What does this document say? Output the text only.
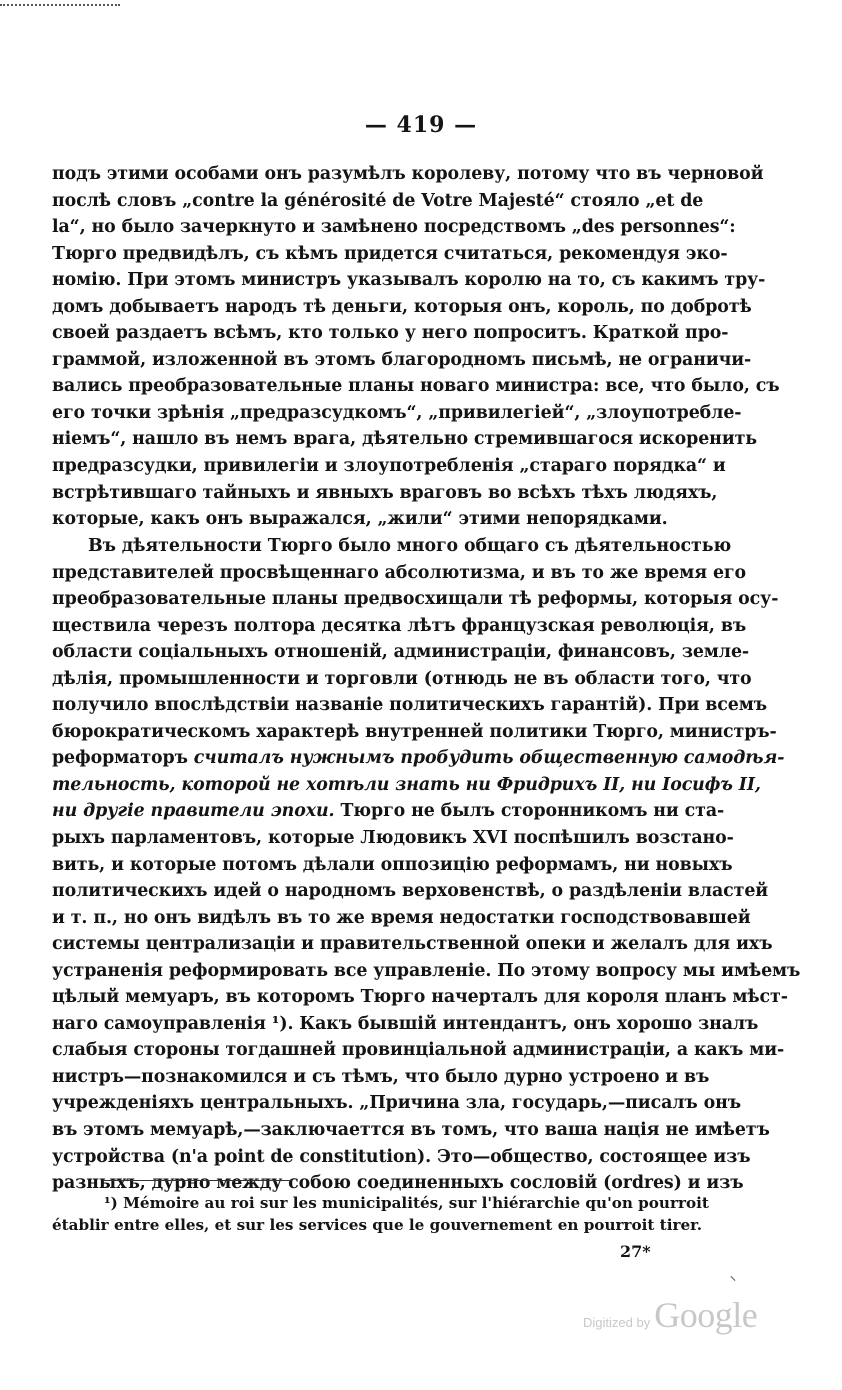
— 419 —
подъ этими особами онъ разумѣлъ королеву, потому что въ черновой
послѣ словъ „contre la générosité de Votre Majesté“ стояло „et de
la“, но было зачеркнуто и замѣнено посредствомъ „des personnes“:
Тюрго предвидѣлъ, съ кѣмъ придется считаться, рекомендуя эко-
номію. При этомъ министръ указывалъ королю на то, съ какимъ тру-
домъ добываетъ народъ тѣ деньги, которыя онъ, король, по добротѣ
своей раздаетъ всѣмъ, кто только у него попроситъ. Краткой про-
граммой, изложенной въ этомъ благородномъ письмѣ, не ограничи-
вались преобразовательные планы новаго министра: все, что было, съ
его точки зрѣнія „предразсудкомъ“, „привилегіей“, „злоупотребле-
ніемъ“, нашло въ немъ врага, дѣятельно стремившагося искоренить
предразсудки, привилегіи и злоупотребленія „стараго порядка“ и
встрѣтившаго тайныхъ и явныхъ враговъ во всѣхъ тѣхъ людяхъ,
которые, какъ онъ выражался, „жили“ этими непорядками.
Въ дѣятельности Тюрго было много общаго съ дѣятельностью
представителей просвѣщеннаго абсолютизма, и въ то же время его
преобразовательные планы предвосхищали тѣ реформы, которыя осу-
ществила черезъ полтора десятка лѣтъ французская революція, въ
области соціальныхъ отношеній, администраціи, финансовъ, земле-
дѣлія, промышленности и торговли (отнюдь не въ области того, что
получило впослѣдствіи названіе политическихъ гарантій). При всемъ
бюрократическомъ характерѣ внутренней политики Тюрго, министръ-
реформаторъ считалъ нужнымъ пробудить общественную самодѣя-
тельность, которой не хотѣли знать ни Фридрихъ II, ни Іосифъ II,
ни другіе правители эпохи. Тюрго не былъ сторонникомъ ни ста-
рыхъ парламентовъ, которые Людовикъ XVI поспѣшилъ возстано-
вить, и которые потомъ дѣлали оппозицію реформамъ, ни новыхъ
политическихъ идей о народномъ верховенствѣ, о раздѣленіи властей
и т. п., но онъ видѣлъ въ то же время недостатки господствовавшей
системы централизаціи и правительственной опеки и желалъ для ихъ
устраненія реформировать все управленіе. По этому вопросу мы имѣемъ
цѣлый мемуаръ, въ которомъ Тюрго начерталъ для короля планъ мѣст-
наго самоуправленія ¹). Какъ бывшій интендантъ, онъ хорошо зналъ
слабыя стороны тогдашней провинціальной администраціи, а какъ ми-
нистръ—познакомился и съ тѣмъ, что было дурно устроено и въ
учрежденіяхъ центральныхъ. „Причина зла, государь,—писалъ онъ
въ этомъ мемуарѣ,—заключаеттся въ томъ, что ваша нація не имѣетъ
устройства (n'a point de constitution). Это—общество, состоящее изъ
разныхъ, дурно между собою соединенныхъ сословій (ordres) и изъ
¹) Mémoire au roi sur les municipalités, sur l'hiérarchie qu'on pourroit
établir entre elles, et sur les services que le gouvernement en pourroit tirer.
27*
Digitized by Google
